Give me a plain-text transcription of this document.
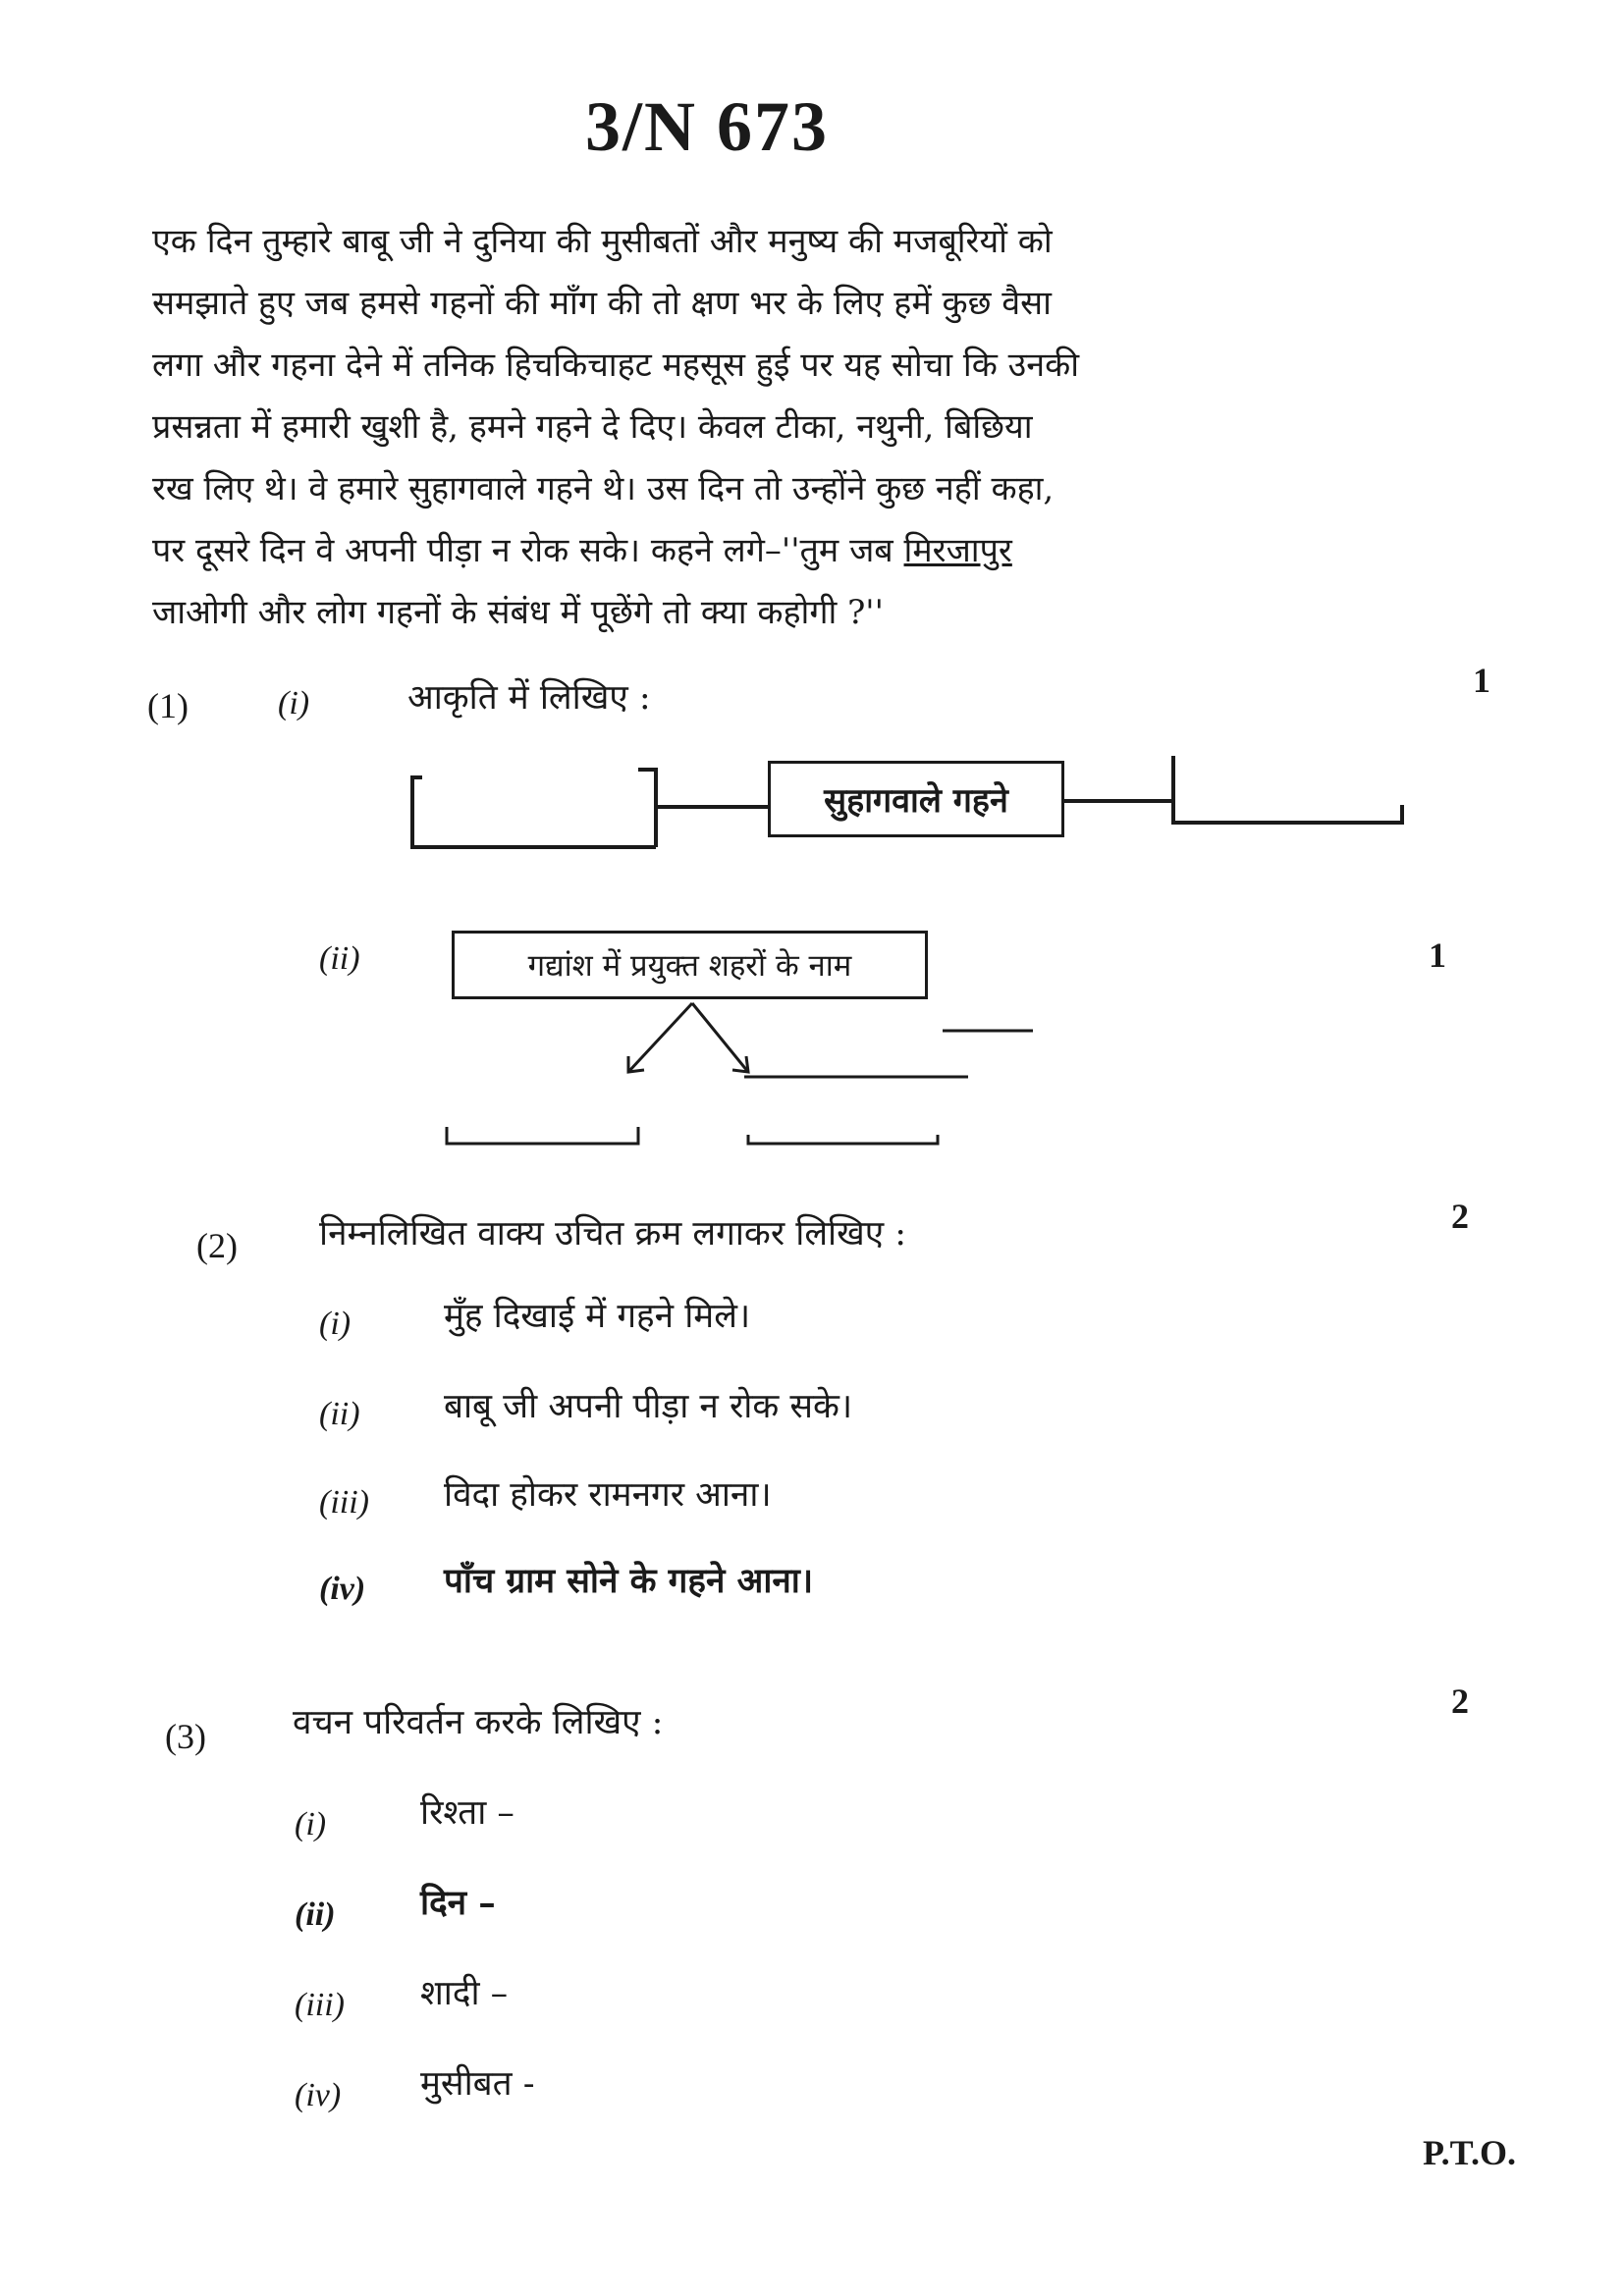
3/N 673

एक दिन तुम्हारे बाबू जी ने दुनिया की मुसीबतों और मनुष्य की मजबूरियों को

समझाते हुए जब हमसे गहनों की माँग की तो क्षण भर के लिए हमें कुछ वैसा

लगा और गहना देने में तनिक हिचकिचाहट महसूस हुई पर यह सोचा कि उनकी

प्रसन्नता में हमारी खुशी है, हमने गहने दे दिए। केवल टीका, नथुनी, बिछिया

रख लिए थे। वे हमारे सुहागवाले गहने थे। उस दिन तो उन्होंने कुछ नहीं कहा,

पर दूसरे दिन वे अपनी पीड़ा न रोक सके। कहने लगे–''तुम जब मिरजापुर

जाओगी और लोग गहनों के संबंध में पूछेंगे तो क्या कहोगी ?''

(1)	(i)	आकृति में लिखिए :	1
सुहागवाले गहने
(ii)	गद्यांश में प्रयुक्त शहरों के नाम	1
(2) निम्नलिखित वाक्य उचित क्रम लगाकर लिखिए :	2
(i)	मुँह दिखाई में गहने मिले।
(ii) बाबू जी अपनी पीड़ा न रोक सके।
(iii) विदा होकर रामनगर आना।
(iv) पाँच ग्राम सोने के गहने आना।
(3)	वचन परिवर्तन करके लिखिए :
2
(i)	रिश्ता –
(ii) दिन –
(iii) शादी –
(iv) मुसीबत -
P.T.O.
